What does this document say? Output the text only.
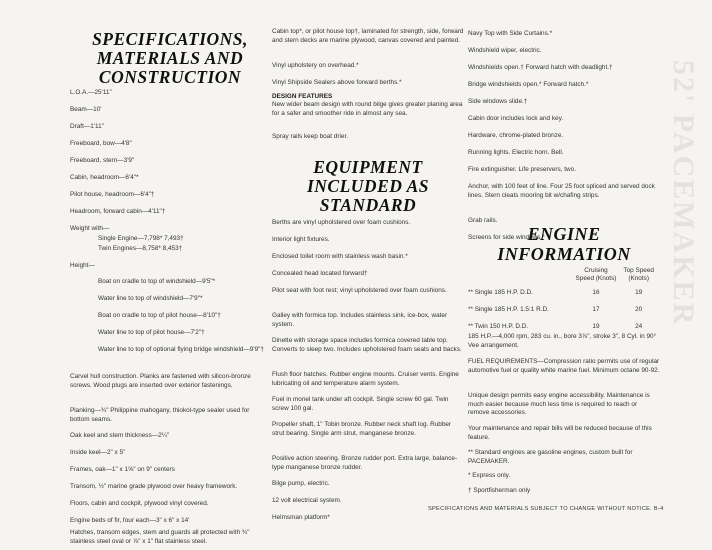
52' PACEMAKER
SPECIFICATIONS, MATERIALS AND CONSTRUCTION
L.O.A.—25'11"
Beam—10'
Draft—1'11"
Freeboard, bow—4'8"
Freeboard, stern—3'9"
Cabin, headroom—6'4"*
Pilot house, headroom—6'4"†
Headroom, forward cabin—4'11"†
Weight with—
Single Engine—7,798* 7,493†
Twin Engines—8,758* 8,453†
Height—
Boat on cradle to top of windshield—9'5"*
Water line to top of windshield—7'9"*
Boat on cradle to top of pilot house—8'10"†
Water line to top of pilot house—7'2"†
Water line to top of optional flying bridge windshield—9'9"†
Carvel hull construction. Planks are fastened with silicon-bronze screws. Wood plugs are inserted over exterior fastenings.
Planking—¾" Philippine mahogany, thiokol-type sealer used for bottom seams.
Oak keel and stem thickness—2¼"
Inside keel—2" x 5"
Frames, oak—1" x 1⅝" on 9" centers
Transom, ½" marine grade plywood over heavy framework.
Floors, cabin and cockpit, plywood vinyl covered.
Engine beds of fir, four each—3" x 6" x 14'
Hatches, transom edges, stem and guards all protected with ¾" stainless steel oval or ⅞" x 1" flat stainless steel.
Cabin top*, or pilot house top†, laminated for strength, side, forward and stern decks are marine plywood, canvas covered and painted.
Vinyl upholstery on overhead.*
Vinyl Shipside Sealers above forward berths.*
DESIGN FEATURES
New wider beam design with round bilge gives greater planing area for a safer and smoother ride in almost any sea.
Spray rails keep boat drier.
EQUIPMENT INCLUDED AS STANDARD
Berths are vinyl upholstered over foam cushions.
Interior light fixtures.
Enclosed toilet room with stainless wash basin.*
Concealed head located forward†
Pilot seat with foot rest; vinyl upholstered over foam cushions.
Galley with formica top. Includes stainless sink, ice-box, water system.
Dinette with storage space includes formica covered table top. Converts to sleep two. Includes upholstered foam seats and backs.
Flush floor hatches. Rubber engine mounts. Cruiser vents. Engine lubricating oil and temperature alarm system.
Fuel in monel tank under aft cockpit. Single screw 60 gal. Twin screw 100 gal.
Propeller shaft, 1" Tobin bronze. Rubber neck shaft log. Rubber strut bearing. Single arm strut, manganese bronze.
Positive action steering. Bronze rudder port. Extra large, balance-type manganese bronze rudder.
Bilge pump, electric.
12 volt electrical system.
Helmsman platform*
Navy Top with Side Curtains.*
Windshield wiper, electric.
Windshields open.† Forward hatch with deadlight.†
Bridge windshields open.* Forward hatch.*
Side windows slide.†
Cabin door includes lock and key.
Hardware, chrome-plated bronze.
Running lights. Electric horn. Bell.
Fire extinguisher. Life preservers, two.
Anchor, with 100 feet of line. Four 25 foot spliced and served dock lines. Stern cleats mooring bit w/chafing strips.
Grab rails.
Screens for side windows.*
ENGINE INFORMATION
	Cruising Speed (Knots)	Top Speed (Knots)
** Single 185 H.P. D.D.	16	19
** Single 185 H.P. 1.5:1 R.D.	17	20
** Twin 150 H.P. D.D.	19	24
185 H.P.—4,000 rpm, 283 cu. in., bore 3⅞", stroke 3", 8 Cyl. in 90° Vee arrangement.
FUEL REQUIREMENTS—Compression ratio permits use of regular automotive fuel or quality white marine fuel. Minimum octane 90-92.
Unique design permits easy engine accessibility. Maintenance is much easier because much less time is required to reach or remove accessories.
Your maintenance and repair bills will be reduced because of this feature.
** Standard engines are gasoline engines, custom built for PACEMAKER.
* Express only.
† Sportfisherman only
SPECIFICATIONS AND MATERIALS SUBJECT TO CHANGE WITHOUT NOTICE. B-4
